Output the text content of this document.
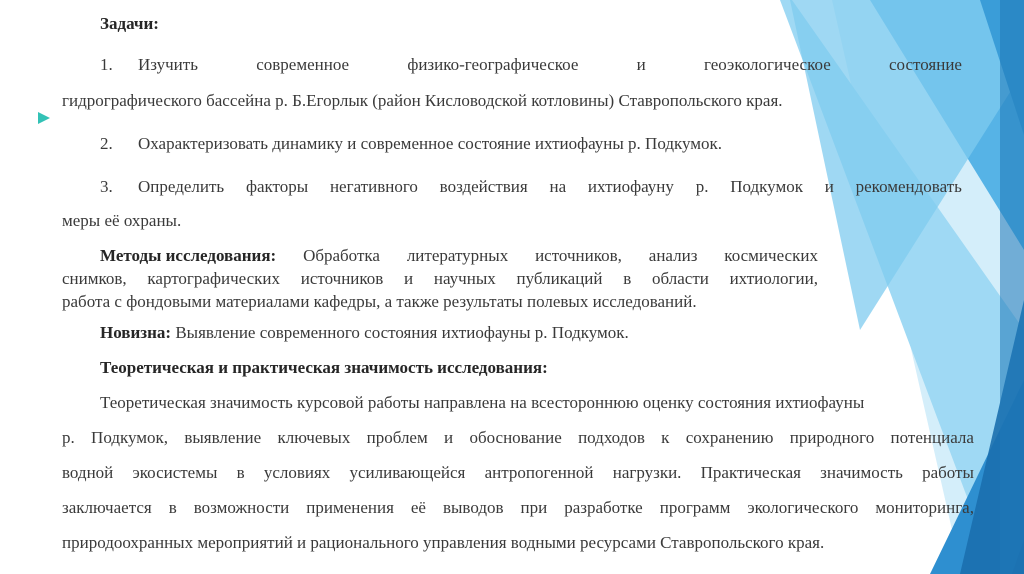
Задачи:
1. Изучить	современное	физико-географическое	и	геоэкологическое	состояние
гидрографического бассейна р. Б.Егорлык (район Кисловодской котловины) Ставропольского края.
2. Охарактеризовать динамику и современное состояние ихтиофауны р. Подкумок.
3. Определить факторы негативного воздействия на ихтиофауну р. Подкумок и рекомендовать
меры её охраны.
Методы исследования: Обработка литературных источников, анализ космических
снимков, картографических источников и научных публикаций в области ихтиологии,
работа с фондовыми материалами кафедры, а также результаты полевых исследований.
Новизна: Выявление современного состояния ихтиофауны р. Подкумок.
Теоретическая и практическая значимость исследования:
Теоретическая значимость курсовой работы направлена на всестороннюю оценку состояния ихтиофауны
р. Подкумок, выявление ключевых проблем и обоснование подходов к сохранению природного потенциала
водной экосистемы в условиях усиливающейся антропогенной нагрузки. Практическая значимость работы
заключается в возможности применения её выводов при разработке программ экологического мониторинга,
природоохранных мероприятий и рационального управления водными ресурсами Ставропольского края.
